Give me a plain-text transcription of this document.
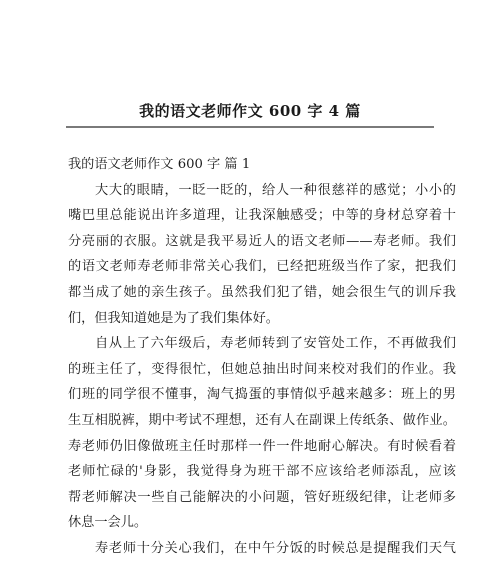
我的语文老师作文 600 字 4 篇

我的语文老师作文 600 字 篇 1

大大的眼睛，一眨一眨的，给人一种很慈祥的感觉；小小的

嘴巴里总能说出许多道理，让我深触感受；中等的身材总穿着十

分亮丽的衣服。这就是我平易近人的语文老师——寿老师。我们

的语文老师寿老师非常关心我们，已经把班级当作了家，把我们

都当成了她的亲生孩子。虽然我们犯了错，她会很生气的训斥我

们，但我知道她是为了我们集体好。

自从上了六年级后，寿老师转到了安管处工作，不再做我们

的班主任了，变得很忙，但她总抽出时间来校对我们的作业。我

们班的同学很不懂事，淘气捣蛋的事情似乎越来越多：班上的男

生互相脱裤，期中考试不理想，还有人在副课上传纸条、做作业。

寿老师仍旧像做班主任时那样一件一件地耐心解决。有时候看着

老师忙碌的'身影，我觉得身为班干部不应该给老师添乱，应该

帮老师解决一些自己能解决的小问题，管好班级纪律，让老师多

休息一会儿。

寿老师十分关心我们，在中午分饭的时候总是提醒我们天气
